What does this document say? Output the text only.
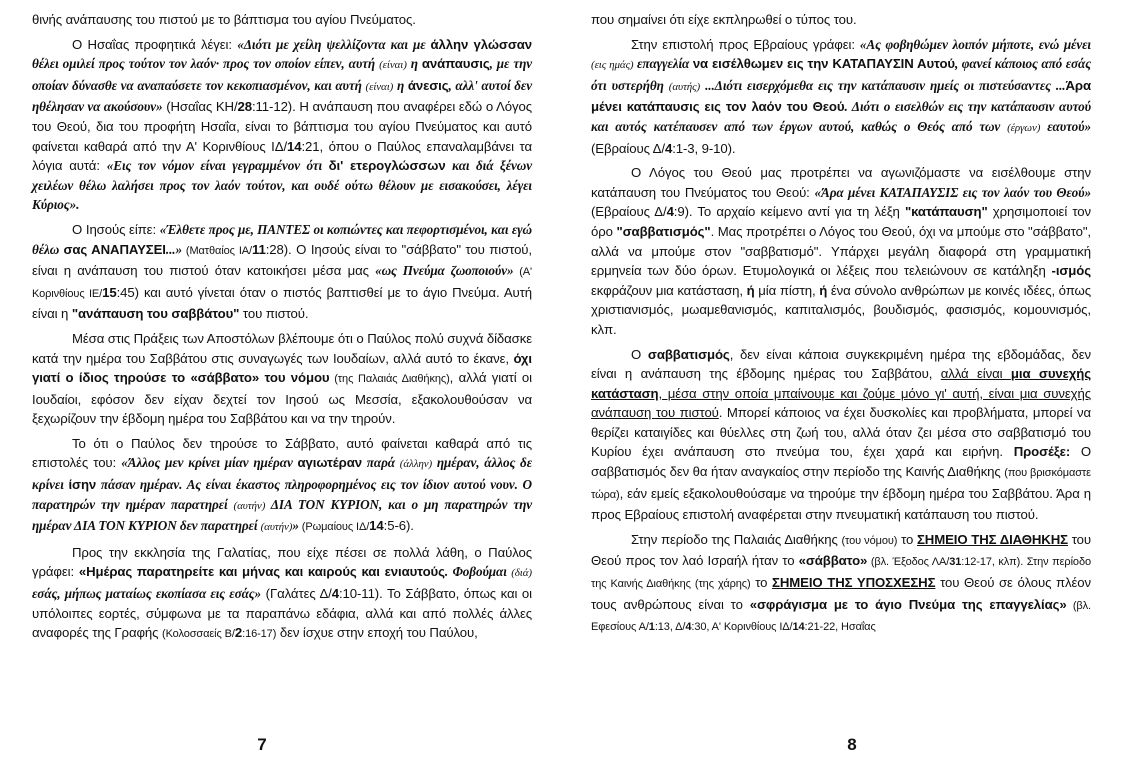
θινής ανάπαυσης του πιστού με το βάπτισμα του αγίου Πνεύματος.

Ο Ησαΐας προφητικά λέγει: «Διότι με χείλη ψελλίζοντα και με άλλην γλώσσαν θέλει ομιλεί προς τούτον τον λαόν· προς τον οποίον είπεν, αυτή (είναι) η ανάπαυσις, με την οποίαν δύνασθε να αναπαύσετε τον κεκοπιασμένον, και αυτή (είναι) η άνεσις, αλλ' αυτοί δεν ηθέλησαν να ακούσουν» (Ησαΐας ΚΗ/28:11-12). Η ανάπαυση που αναφέρει εδώ ο Λόγος του Θεού, δια του προφήτη Ησαΐα, είναι το βάπτισμα του αγίου Πνεύματος και αυτό φαίνεται καθαρά από την Α' Κορινθίους ΙΔ/14:21, όπου ο Παύλος επαναλαμβάνει τα λόγια αυτά: «Εις τον νόμον είναι γεγραμμένον ότι δι' ετερογλώσσων και διά ξένων χειλέων θέλω λαλήσει προς τον λαόν τούτον, και ουδέ ούτω θέλουν με εισακούσει, λέγει Κύριος».

Ο Ιησούς είπε: «Έλθετε προς με, ΠΑΝΤΕΣ οι κοπιώντες και πεφορτισμένοι, και εγώ θέλω σας ΑΝΑΠΑΥΣΕΙ...» (Ματθαίος ΙΑ/11:28). Ο Ιησούς είναι το "σάββατο" του πιστού, είναι η ανάπαυση του πιστού όταν κατοικήσει μέσα μας «ως Πνεύμα ζωοποιούν» (Α' Κορινθίους ΙΕ/15:45) και αυτό γίνεται όταν ο πιστός βαπτισθεί με το άγιο Πνεύμα. Αυτή είναι η "ανάπαυση του σαββάτου" του πιστού.

Μέσα στις Πράξεις των Αποστόλων βλέπουμε ότι ο Παύλος πολύ συχνά δίδασκε κατά την ημέρα του Σαββάτου στις συναγωγές των Ιουδαίων, αλλά αυτό το έκανε, όχι γιατί ο ίδιος τηρούσε το «σάββατο» του νόμου (της Παλαιάς Διαθήκης), αλλά γιατί οι Ιουδαίοι, εφόσον δεν είχαν δεχτεί τον Ιησού ως Μεσσία, εξακολουθούσαν να ξεχωρίζουν την έβδομη ημέρα του Σαββάτου και να την τηρούν.

Το ότι ο Παύλος δεν τηρούσε το Σάββατο, αυτό φαίνεται καθαρά από τις επιστολές του: «Άλλος μεν κρίνει μίαν ημέραν αγιωτέραν παρά (άλλην) ημέραν, άλλος δε κρίνει ίσην πάσαν ημέραν. Ας είναι έκαστος πληροφορημένος εις τον ίδιον αυτού νουν. Ο παρατηρών την ημέραν παρατηρεί (αυτήν) ΔΙΑ ΤΟΝ ΚΥΡΙΟΝ, και ο μη παρατηρών την ημέραν ΔΙΑ ΤΟΝ ΚΥΡΙΟΝ δεν παρατηρεί (αυτήν)» (Ρωμαίους ΙΔ/14:5-6).

Προς την εκκλησία της Γαλατίας, που είχε πέσει σε πολλά λάθη, ο Παύλος γράφει: «Ημέρας παρατηρείτε και μήνας και καιρούς και ενιαυτούς. Φοβούμαι (διά) εσάς, μήπως ματαίως εκοπίασα εις εσάς» (Γαλάτες Δ/4:10-11). Το Σάββατο, όπως και οι υπόλοιπες εορτές, σύμφωνα με τα παραπάνω εδάφια, αλλά και από πολλές άλλες αναφορές της Γραφής (Κολοσσαείς Β/2:16-17) δεν ίσχυε στην εποχή του Παύλου,

7

που σημαίνει ότι είχε εκπληρωθεί ο τύπος του.

Στην επιστολή προς Εβραίους γράφει: «Ας φοβηθώμεν λοιπόν μήποτε, ενώ μένει (εις ημάς) επαγγελία να εισέλθωμεν εις την ΚΑΤΑΠΑΥΣΙΝ Αυτού, φανεί κάποιος από εσάς ότι υστερήθη (αυτής) ...Διότι εισερχόμεθα εις την κατάπαυσιν ημείς οι πιστεύσαντες ...Άρα μένει κατάπαυσις εις τον λαόν του Θεού. Διότι ο εισελθών εις την κατάπαυσιν αυτού και αυτός κατέπαυσεν από των έργων αυτού, καθώς ο Θεός από των (έργων) εαυτού» (Εβραίους Δ/4:1-3, 9-10).

Ο Λόγος του Θεού μας προτρέπει να αγωνιζόμαστε να εισέλθουμε στην κατάπαυση του Πνεύματος του Θεού: «Άρα μένει ΚΑΤΑΠΑΥΣΙΣ εις τον λαόν του Θεού» (Εβραίους Δ/4:9). Το αρχαίο κείμενο αντί για τη λέξη "κατάπαυση" χρησιμοποιεί τον όρο "σαββατισμός". Μας προτρέπει ο Λόγος του Θεού, όχι να μπούμε στο "σάββατο", αλλά να μπούμε στον "σαββατισμό". Υπάρχει μεγάλη διαφορά στη γραμματική ερμηνεία των δύο όρων. Ετυμολογικά οι λέξεις που τελειώνουν σε κατάληξη -ισμός εκφράζουν μια κατάσταση, ή μία πίστη, ή ένα σύνολο ανθρώπων με κοινές ιδέες, όπως χριστιανισμός, μωαμεθανισμός, καπιταλισμός, βουδισμός, φασισμός, κομουνισμός, κλπ.

Ο σαββατισμός, δεν είναι κάποια συγκεκριμένη ημέρα της εβδομάδας, δεν είναι η ανάπαυση της έβδομης ημέρας του Σαββάτου, αλλά είναι μια συνεχής κατάσταση, μέσα στην οποία μπαίνουμε και ζούμε μόνο γι' αυτή, είναι μια συνεχής ανάπαυση του πιστού. Μπορεί κάποιος να έχει δυσκολίες και προβλήματα, μπορεί να θερίζει καταιγίδες και θύελλες στη ζωή του, αλλά όταν ζει μέσα στο σαββατισμό του Κυρίου έχει ανάπαυση στο πνεύμα του, έχει χαρά και ειρήνη. Προσέξε: Ο σαββατισμός δεν θα ήταν αναγκαίος στην περίοδο της Καινής Διαθήκης (που βρισκόμαστε τώρα), εάν εμείς εξακολουθούσαμε να τηρούμε την έβδομη ημέρα του Σαββάτου. Άρα η προς Εβραίους επιστολή αναφέρεται στην πνευματική κατάπαυση του πιστού.

Στην περίοδο της Παλαιάς Διαθήκης (του νόμου) το ΣΗΜΕΙΟ ΤΗΣ ΔΙΑΘΗΚΗΣ του Θεού προς τον λαό Ισραήλ ήταν το «σάββατο» (βλ. Έξοδος ΛΑ/31:12-17, κλπ). Στην περίοδο της Καινής Διαθήκης (της χάρης) το ΣΗΜΕΙΟ ΤΗΣ ΥΠΟΣΧΕΣΗΣ του Θεού σε όλους πλέον τους ανθρώπους είναι το «σφράγισμα με το άγιο Πνεύμα της επαγγελίας» (βλ. Εφεσίους Α/1:13, Δ/4:30, Α' Κορινθίους ΙΔ/14:21-22, Ησαΐας

8
